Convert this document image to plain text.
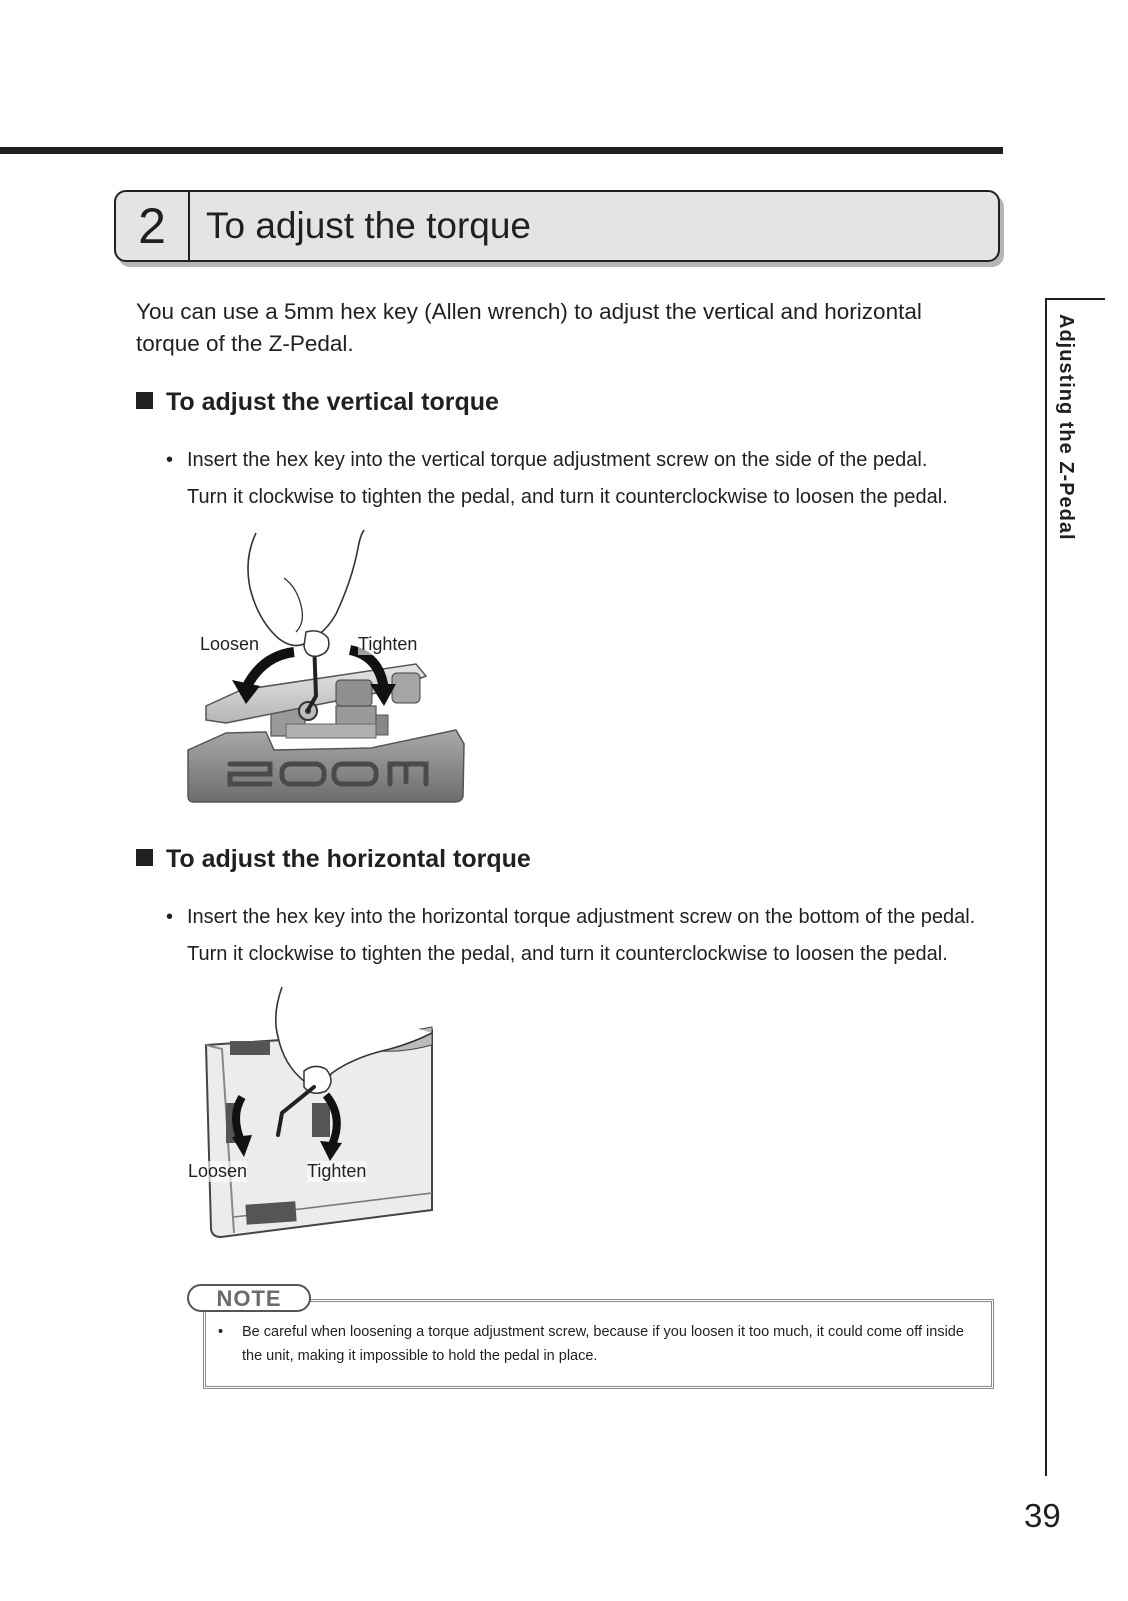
2	To adjust the torque
You can use a 5mm hex key (Allen wrench) to adjust the vertical and horizontal torque of the Z-Pedal.
To adjust the vertical torque
• Insert the hex key into the vertical torque adjustment screw on the side of the pedal.
Turn it clockwise to tighten the pedal, and turn it counterclockwise to loosen the pedal.
Loosen	Tighten
To adjust the horizontal torque
• Insert the hex key into the horizontal torque adjustment screw on the bottom of the pedal.
Turn it clockwise to tighten the pedal, and turn it counterclockwise to loosen the pedal.
Loosen	Tighten
•	Be careful when loosening a torque adjustment screw, because if you loosen it too much, it could come off inside the unit, making it impossible to hold the pedal in place.
NOTE
Adjusting the Z-Pedal
39
